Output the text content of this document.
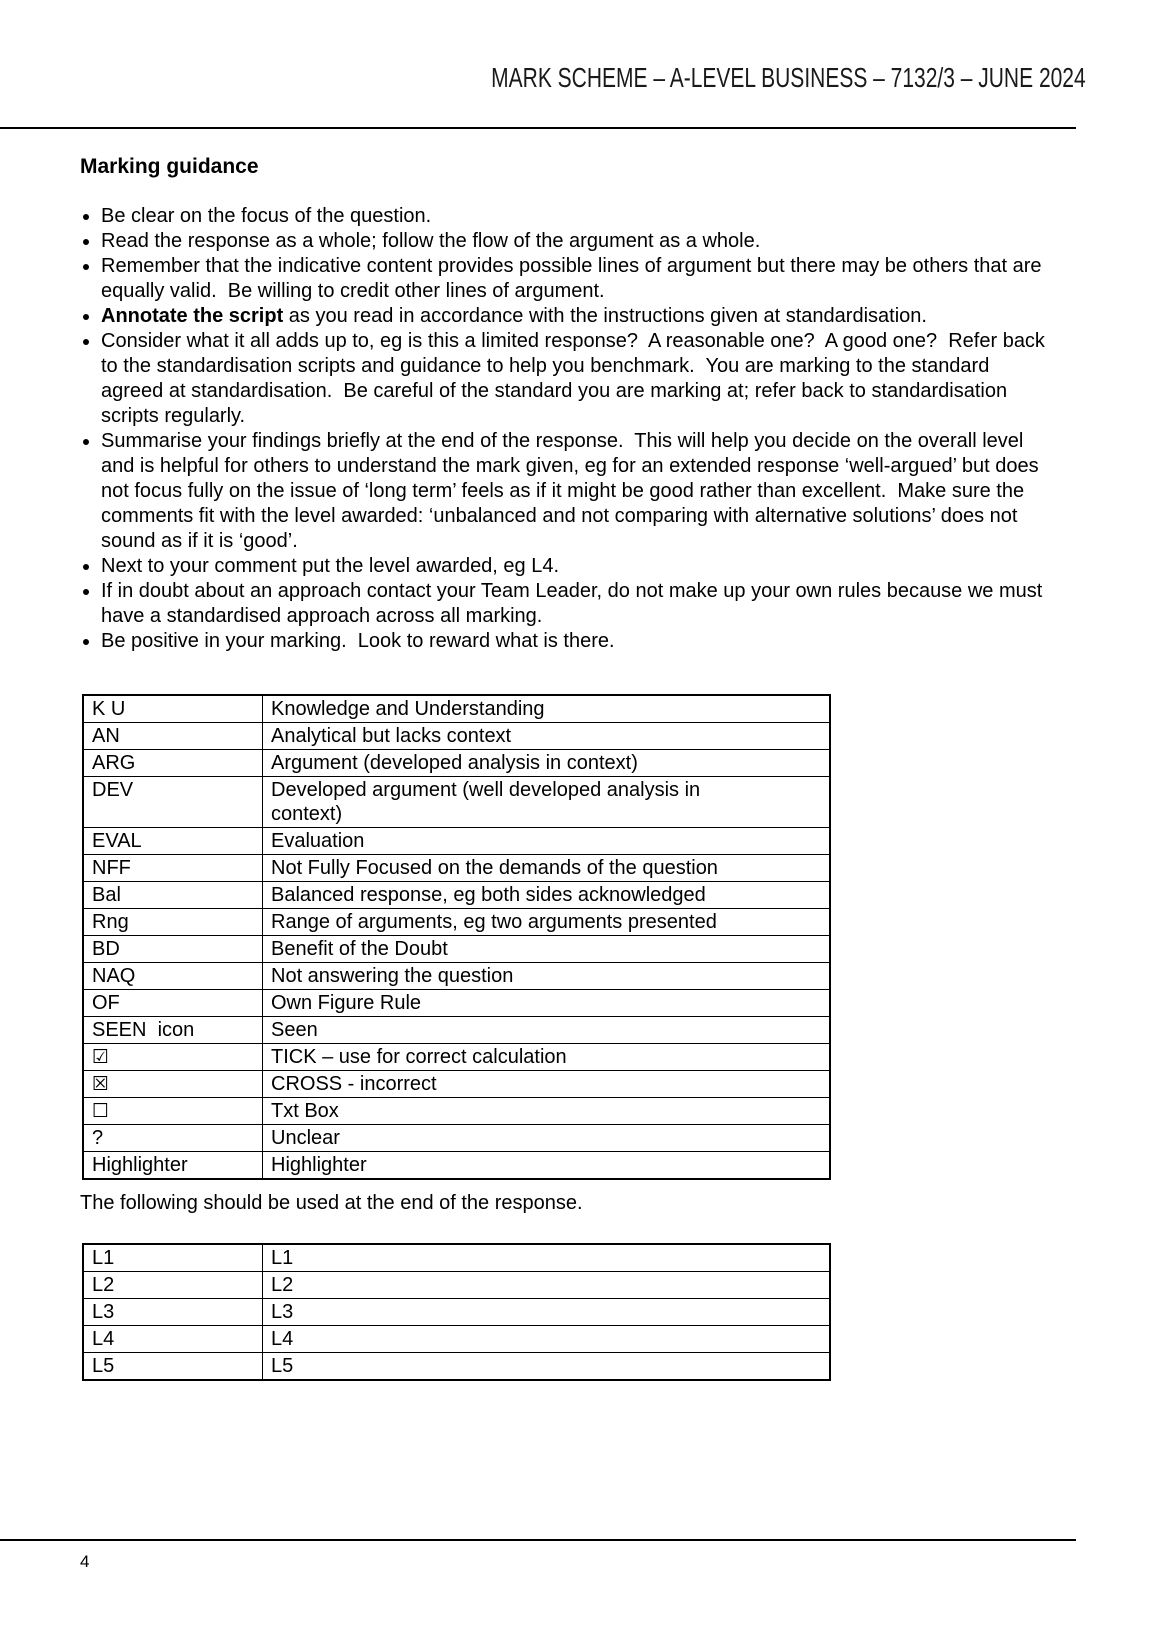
MARK SCHEME – A-LEVEL BUSINESS – 7132/3 – JUNE 2024
Marking guidance
• Be clear on the focus of the question.
• Read the response as a whole; follow the flow of the argument as a whole.
• Remember that the indicative content provides possible lines of argument but there may be others that are equally valid.  Be willing to credit other lines of argument.
• Annotate the script as you read in accordance with the instructions given at standardisation.
• Consider what it all adds up to, eg is this a limited response?  A reasonable one?  A good one?  Refer back to the standardisation scripts and guidance to help you benchmark.  You are marking to the standard agreed at standardisation.  Be careful of the standard you are marking at; refer back to standardisation scripts regularly.
• Summarise your findings briefly at the end of the response.  This will help you decide on the overall level and is helpful for others to understand the mark given, eg for an extended response ‘well-argued’ but does not focus fully on the issue of ‘long term’ feels as if it might be good rather than excellent.  Make sure the comments fit with the level awarded: ‘unbalanced and not comparing with alternative solutions’ does not sound as if it is ‘good’.
• Next to your comment put the level awarded, eg L4.
• If in doubt about an approach contact your Team Leader, do not make up your own rules because we must have a standardised approach across all marking.
• Be positive in your marking.  Look to reward what is there.
K U	Knowledge and Understanding
AN	Analytical but lacks context
ARG	Argument (developed analysis in context)
DEV	Developed argument (well developed analysis in context)
EVAL	Evaluation
NFF	Not Fully Focused on the demands of the question
Bal	Balanced response, eg both sides acknowledged
Rng	Range of arguments, eg two arguments presented
BD	Benefit of the Doubt
NAQ	Not answering the question
OF	Own Figure Rule
SEEN  icon	Seen
☑	TICK – use for correct calculation
☒	CROSS - incorrect
☐	Txt Box
?	Unclear
Highlighter	Highlighter
The following should be used at the end of the response.
L1	L1
L2	L2
L3	L3
L4	L4
L5	L5
4
